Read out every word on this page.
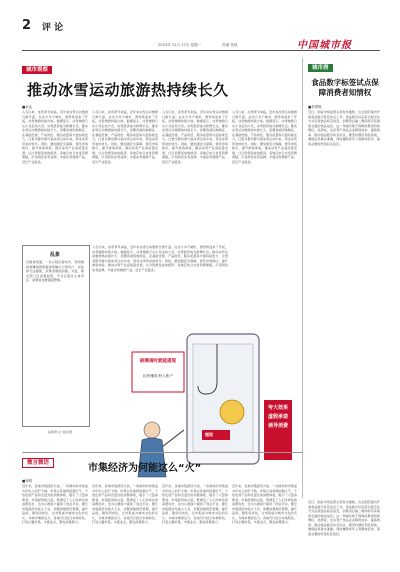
2 评 论
2023年 11月 27日 星期一	责编 张弛	中国城市报
城市观察
推动冰雪运动旅游热持续长久
■余达
入冬以来，冰雪季节来临，近年来冰雪运动旅游日渐升温。在北方多个城市，滑雪场迎来了开板，冰雪旅游持续火热。数据显示，冰雪旅游已从小众走向大众，冰雪经济成为新增长点。推动冰雪运动旅游热持续长久，需要各地因地制宜，在基础设施、产品供给、服务质量等方面持续发力，让更多群众参与到冰雪运动中来，享受冰雪带来的快乐。同时，要加强安全保障，规范市场秩序，提升游客体验，推动冰雪产业高质量发展，让冷资源变成热经济。各地应结合自身资源禀赋，打造特色冰雪品牌，丰富冰雪旅游产品，延长产业链条。
入冬以来，冰雪季节来临，近年来冰雪运动旅游日渐升温。在北方多个城市，滑雪场迎来了开板，冰雪旅游持续火热。数据显示，冰雪旅游已从小众走向大众，冰雪经济成为新增长点。推动冰雪运动旅游热持续长久，需要各地因地制宜，在基础设施、产品供给、服务质量等方面持续发力，让更多群众参与到冰雪运动中来，享受冰雪带来的快乐。同时，要加强安全保障，规范市场秩序，提升游客体验，推动冰雪产业高质量发展，让冷资源变成热经济。各地应结合自身资源禀赋，打造特色冰雪品牌，丰富冰雪旅游产品，延长产业链条。
入冬以来，冰雪季节来临，近年来冰雪运动旅游日渐升温。在北方多个城市，滑雪场迎来了开板，冰雪旅游持续火热。数据显示，冰雪旅游已从小众走向大众，冰雪经济成为新增长点。推动冰雪运动旅游热持续长久，需要各地因地制宜，在基础设施、产品供给、服务质量等方面持续发力，让更多群众参与到冰雪运动中来，享受冰雪带来的快乐。同时，要加强安全保障，规范市场秩序，提升游客体验，推动冰雪产业高质量发展，让冷资源变成热经济。各地应结合自身资源禀赋，打造特色冰雪品牌，丰富冰雪旅游产品，延长产业链条。
入冬以来，冰雪季节来临，近年来冰雪运动旅游日渐升温。在北方多个城市，滑雪场迎来了开板，冰雪旅游持续火热。数据显示，冰雪旅游已从小众走向大众，冰雪经济成为新增长点。推动冰雪运动旅游热持续长久，需要各地因地制宜，在基础设施、产品供给、服务质量等方面持续发力，让更多群众参与到冰雪运动中来，享受冰雪带来的快乐。同时，要加强安全保障，规范市场秩序，提升游客体验，推动冰雪产业高质量发展，让冷资源变成热经济。各地应结合自身资源禀赋，打造特色冰雪品牌，丰富冰雪旅游产品，延长产业链条。
入冬以来，冰雪季节来临，近年来冰雪运动旅游日渐升温。在北方多个城市，滑雪场迎来了开板，冰雪旅游持续火热。数据显示，冰雪旅游已从小众走向大众，冰雪经济成为新增长点。推动冰雪运动旅游热持续长久，需要各地因地制宜，在基础设施、产品供给、服务质量等方面持续发力，让更多群众参与到冰雪运动中来，享受冰雪带来的快乐。同时，要加强安全保障，规范市场秩序，提升游客体验，推动冰雪产业高质量发展，让冷资源变成热经济。各地应结合自身资源禀赋，打造特色冰雪品牌，丰富冰雪旅游产品，延长产业链条。
城市唐
食品数字标签试点保障消费者知情权
■李勇涛
近日，国家市场监管总局发布通知，在全国范围内开展食品数字标签试点工作。食品数字标签是以数字化方式呈现食品标签信息，消费者扫描二维码即可获取更全面的食品信息。这一举措有助于保障消费者的知情权、选择权，也有利于食品企业降低成本、提高效率。推动食品数字标签试点，要坚持便民利民原则，确保信息真实准确，同时兼顾老年人等群体需求，保留必要的传统标签信息。
乱象
有媒体报道，一些小程序游戏中，利用刷视频赚钱领取提现等噱头引诱用户，实际却无法提现，消费者维权困难。对此，相关部门应加强监管，平台应落实主体责任，消费者也要提高警惕。
赵春青/文 刘彦/图
刷满请时就能提现
轻松赚钱 秒入账户
提现
夸大效果 虚假承诺 诱导消费
微言微语	市集经济为何能这么“火”
■李明
近年来，各地市集经济火热，一些城市的市集成为年轻人的打卡地。市集以其独特的烟火气、个性化的产品和沉浸式的消费体验，吸引了大量消费者。市集经济的兴起，既满足了人们多样化的消费需求，也为小微商户提供了创业平台。要让市集经济持续火下去，需要加强规范管理，提升品质，避免同质化，让市集成为城市文化的名片，为城市增添活力。各地可以结合本地特色，打造主题市集，丰富业态，激发消费潜力。
近年来，各地市集经济火热，一些城市的市集成为年轻人的打卡地。市集以其独特的烟火气、个性化的产品和沉浸式的消费体验，吸引了大量消费者。市集经济的兴起，既满足了人们多样化的消费需求，也为小微商户提供了创业平台。要让市集经济持续火下去，需要加强规范管理，提升品质，避免同质化，让市集成为城市文化的名片，为城市增添活力。各地可以结合本地特色，打造主题市集，丰富业态，激发消费潜力。
近年来，各地市集经济火热，一些城市的市集成为年轻人的打卡地。市集以其独特的烟火气、个性化的产品和沉浸式的消费体验，吸引了大量消费者。市集经济的兴起，既满足了人们多样化的消费需求，也为小微商户提供了创业平台。要让市集经济持续火下去，需要加强规范管理，提升品质，避免同质化，让市集成为城市文化的名片，为城市增添活力。各地可以结合本地特色，打造主题市集，丰富业态，激发消费潜力。
近年来，各地市集经济火热，一些城市的市集成为年轻人的打卡地。市集以其独特的烟火气、个性化的产品和沉浸式的消费体验，吸引了大量消费者。市集经济的兴起，既满足了人们多样化的消费需求，也为小微商户提供了创业平台。要让市集经济持续火下去，需要加强规范管理，提升品质，避免同质化，让市集成为城市文化的名片，为城市增添活力。各地可以结合本地特色，打造主题市集，丰富业态，激发消费潜力。
近日，国家市场监管总局发布通知，在全国范围内开展食品数字标签试点工作。食品数字标签是以数字化方式呈现食品标签信息，消费者扫描二维码即可获取更全面的食品信息。这一举措有助于保障消费者的知情权、选择权，也有利于食品企业降低成本、提高效率。推动食品数字标签试点，要坚持便民利民原则，确保信息真实准确，同时兼顾老年人等群体需求，保留必要的传统标签信息。
